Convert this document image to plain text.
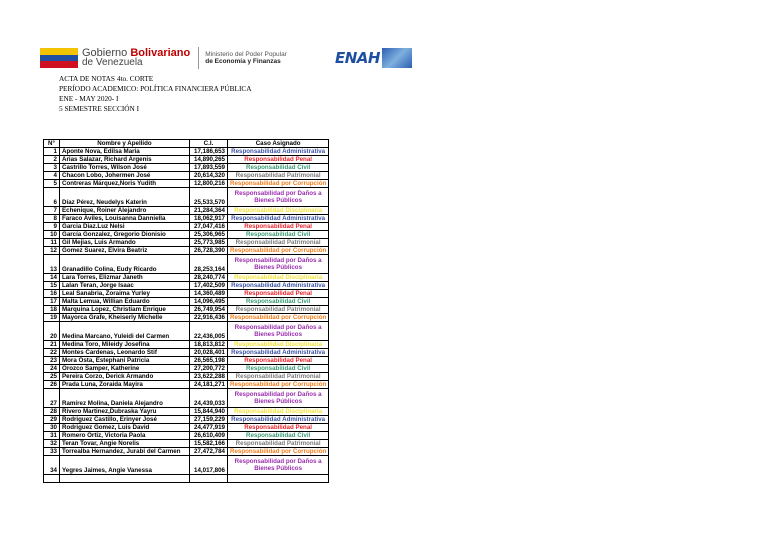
Gobierno Bolivariano
de Venezuela
Ministerio del Poder Popular
de Economía y Finanzas	ENAH
ACTA DE NOTAS 4to. CORTE
PERÍODO ACADEMICO: POLÍTICA FINANCIERA PÚBLICA
ENE - MAY 2020- I
5 SEMESTRE SECCIÓN I
N°	Nombre y Apellido	C.I.	Caso Asignado
1	Aponte Nova, Edilsa María	17,186,653	Responsabilidad Administrativa
2	Arias Salazar, Richard Argenis	14,890,265	Responsabilidad Penal
3	Castrillo Torres, Wilson José	17,893,559	Responsabilidad Civil
4	Chacon Lobo, Johermen José	20,614,320	Responsabilidad Patrimonial
5	Contreras Márquez,Noris Yudith	12,800,216	Responsabilidad por Corrupción
6	Díaz Pérez, Neudelys Katerin	25,533,570	Responsabilidad por Daños a Bienes Públicos
7	Echenique, Roiner Alejandro	21,284,364	Responsabilidad Disciplinaria
8	Faraco Aviles, Louisanna Danniella	18,062,917	Responsabilidad Administrativa
9	Garcia Diaz.Luz Nelsi	27,047,416	Responsabilidad Penal
10	García Gonzalez, Gregorio Dionisio	25,306,965	Responsabilidad Civil
11	Gil Mejias, Luis Armando	25,773,985	Responsabilidad Patrimonial
12	Gomez Suarez, Elvira Beatriz	26,728,390	Responsabilidad por Corrupción
13	Granadillo Colina, Eudy Ricardo	28,253,164	Responsabilidad por Daños a Bienes Públicos
14	Lara Torres, Elizmar Janeth	28,240,774	Responsabilidad Disciplinaria
15	Lalan Teran, Jorge Isaac	17,402,509	Responsabilidad Administrativa
16	Leal Sanabria, Zoraima Yurley	14,360,489	Responsabilidad Penal
17	Malta Lemua, Willian Eduardo	14,096,495	Responsabilidad Civil
18	Marquina Lopez, Christiam Enrique	26,749,954	Responsabilidad Patrimonial
19	Mayorca Grafe, Kheiserly Michelle	22,916,436	Responsabilidad por Corrupción
20	Medina Marcano, Yuleidi del Carmen	22,436,005	Responsabilidad por Daños a Bienes Públicos
21	Medina Toro, Mileidy Josefina	18,813,812	Responsabilidad Disciplinaria
22	Montes Cardenas, Leonardo Stif	20,028,401	Responsabilidad Administrativa
23	Mora Osta, Estephani Patricia	26,565,198	Responsabilidad Penal
24	Orozco Samper, Katherine	27,200,772	Responsabilidad Civil
25	Pereira Corzo, Derick Armando	23,622,288	Responsabilidad Patrimonial
26	Prada Luna, Zoraida Mayira	24,181,271	Responsabilidad por Corrupción
27	Ramírez Molina, Daniela Alejandro	24,439,033	Responsabilidad por Daños a Bienes Públicos
28	Rivero Martinez,Dubraska Yayru	15,844,940	Responsabilidad Disciplinaria
29	Rodriguez Castillo, Erinyer José	27,159,229	Responsabilidad Administrativa
30	Rodriguez Gomez, Luis David	24,477,919	Responsabilidad Penal
31	Romero Ortiz, Victoria Paola	26,610,409	Responsabilidad Civil
32	Teran Tovar, Angie Norelis	15,582,166	Responsabilidad Patrimonial
33	Torrealba Hernandez, Jurabi del Carmen	27,472,784	Responsabilidad por Corrupción
34	Yegres Jaimes, Angie Vanessa	14,017,806	Responsabilidad por Daños a Bienes Públicos
